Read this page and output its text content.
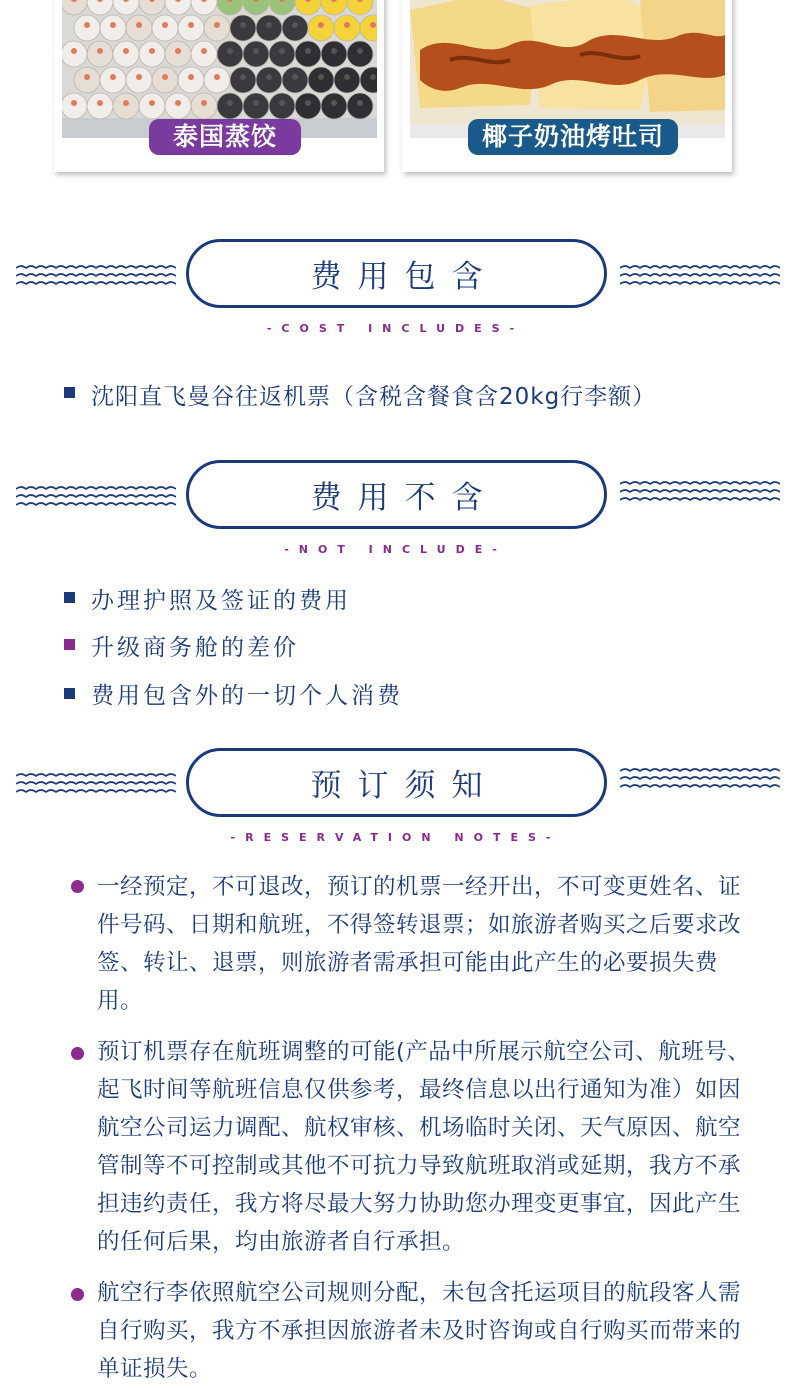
泰国蒸饺	椰子奶油烤吐司
费用包含
-COST INCLUDES-
沈阳直飞曼谷往返机票（含税含餐食含20kg行李额）
费用不含
-NOT INCLUDE-
办理护照及签证的费用
升级商务舱的差价
费用包含外的一切个人消费
预订须知
-RESERVATION NOTES-
一经预定，不可退改，预订的机票一经开出，不可变更姓名、证件号码、日期和航班，不得签转退票；如旅游者购买之后要求改签、转让、退票，则旅游者需承担可能由此产生的必要损失费用。
预订机票存在航班调整的可能(产品中所展示航空公司、航班号、起飞时间等航班信息仅供参考，最终信息以出行通知为准）如因航空公司运力调配、航权审核、机场临时关闭、天气原因、航空管制等不可控制或其他不可抗力导致航班取消或延期，我方不承担违约责任，我方将尽最大努力协助您办理变更事宜，因此产生的任何后果，均由旅游者自行承担。
航空行李依照航空公司规则分配，未包含托运项目的航段客人需自行购买，我方不承担因旅游者未及时咨询或自行购买而带来的单证损失。
